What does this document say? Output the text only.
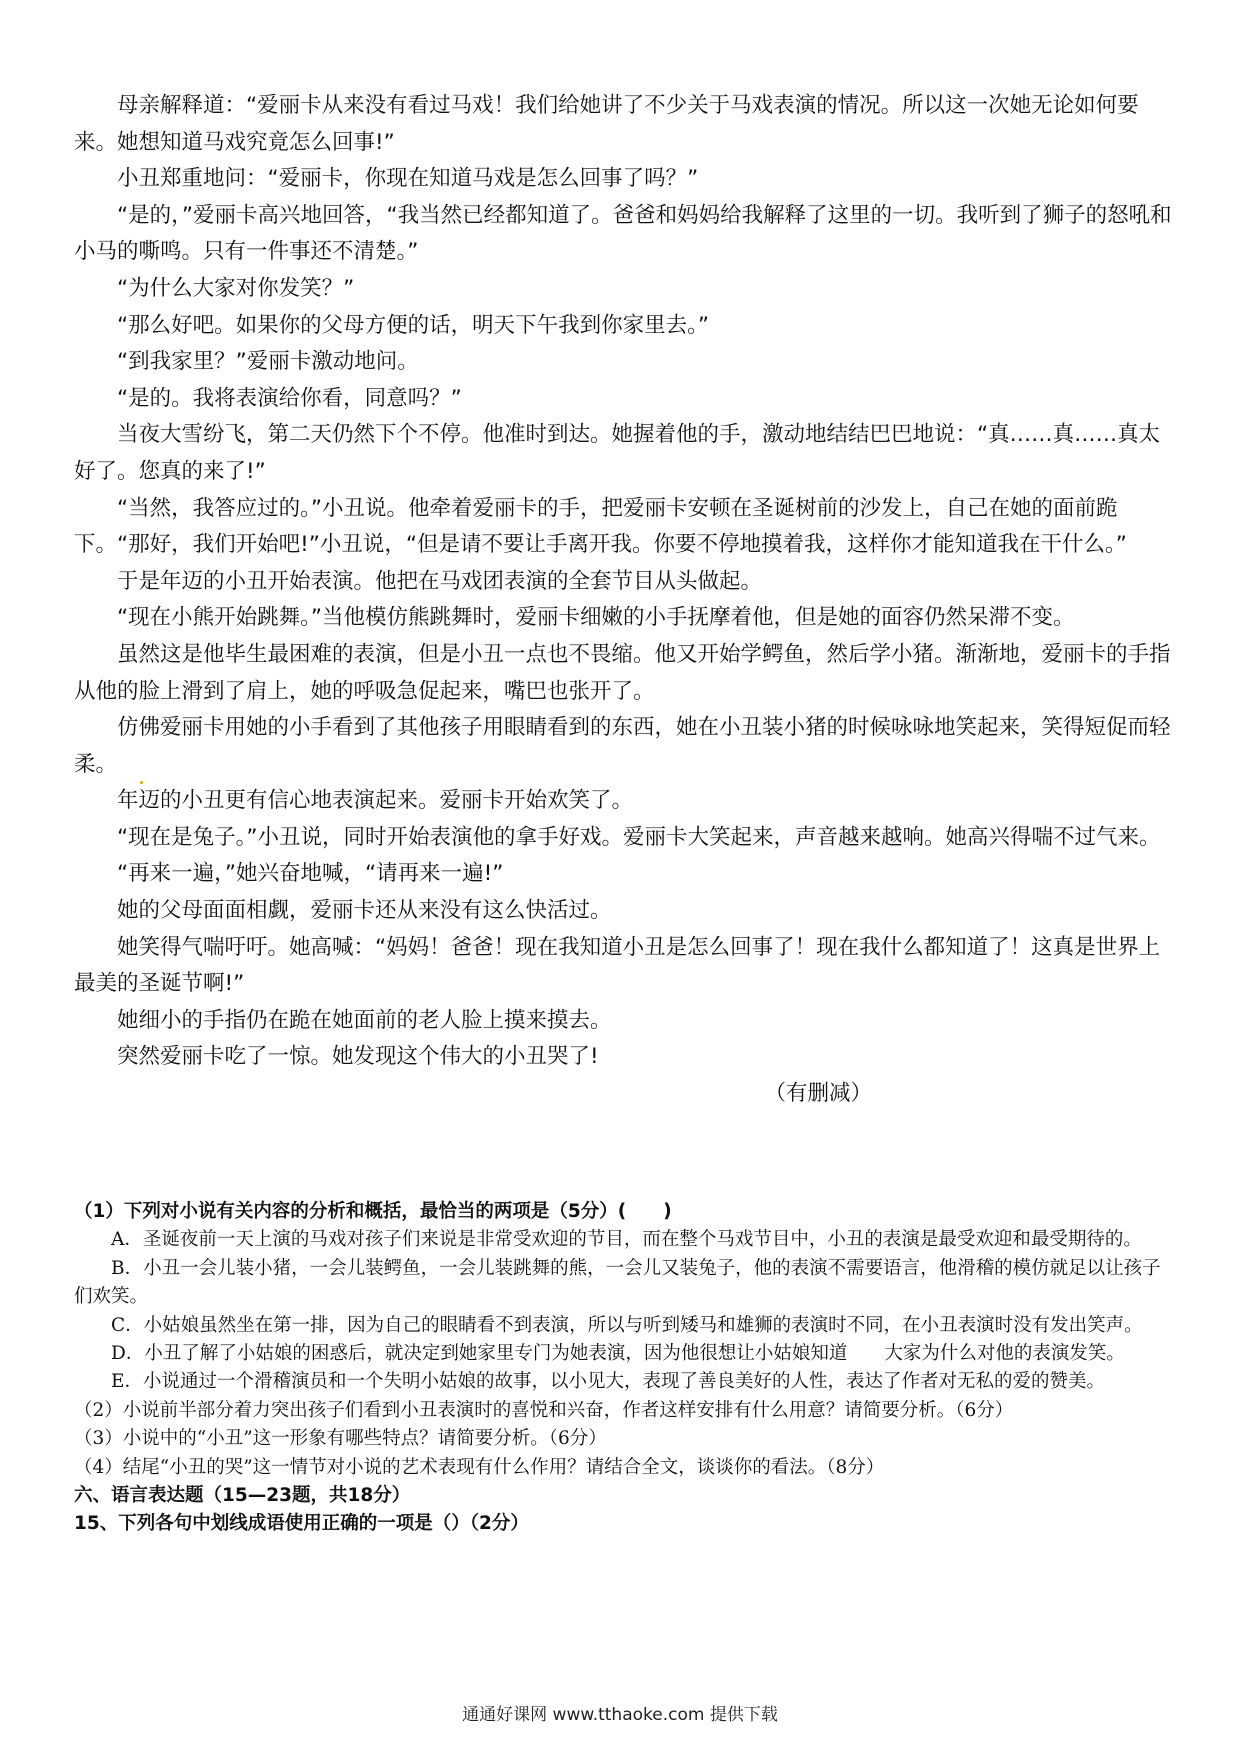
母亲解释道：“爱丽卡从来没有看过马戏！我们给她讲了不少关于马戏表演的情况。所以这一次她无论如何要来。她想知道马戏究竟怎么回事!”

小丑郑重地问：“爱丽卡，你现在知道马戏是怎么回事了吗？”

“是的，”爱丽卡高兴地回答，“我当然已经都知道了。爸爸和妈妈给我解释了这里的一切。我听到了狮子的怒吼和小马的嘶鸣。只有一件事还不清楚。”

“为什么大家对你发笑？”

“那么好吧。如果你的父母方便的话，明天下午我到你家里去。”

“到我家里？”爱丽卡激动地问。

“是的。我将表演给你看，同意吗？”

当夜大雪纷飞，第二天仍然下个不停。他准时到达。她握着他的手，激动地结结巴巴地说：“真……真……真太好了。您真的来了!”

“当然，我答应过的。”小丑说。他牵着爱丽卡的手，把爱丽卡安顿在圣诞树前的沙发上，自己在她的面前跪下。“那好，我们开始吧!”小丑说，“但是请不要让手离开我。你要不停地摸着我，这样你才能知道我在干什么。”

于是年迈的小丑开始表演。他把在马戏团表演的全套节目从头做起。

“现在小熊开始跳舞。”当他模仿熊跳舞时，爱丽卡细嫩的小手抚摩着他，但是她的面容仍然呆滞不变。

虽然这是他毕生最困难的表演，但是小丑一点也不畏缩。他又开始学鳄鱼，然后学小猪。渐渐地，爱丽卡的手指从他的脸上滑到了肩上，她的呼吸急促起来，嘴巴也张开了。

仿佛爱丽卡用她的小手看到了其他孩子用眼睛看到的东西，她在小丑装小猪的时候咏咏地笑起来，笑得短促而轻柔。

年迈的小丑更有信心地表演起来。爱丽卡开始欢笑了。

“现在是兔子。”小丑说，同时开始表演他的拿手好戏。爱丽卡大笑起来，声音越来越响。她高兴得喘不过气来。

“再来一遍，”她兴奋地喊，“请再来一遍!”

她的父母面面相觑，爱丽卡还从来没有这么快活过。

她笑得气喘吁吁。她高喊：“妈妈！爸爸！现在我知道小丑是怎么回事了！现在我什么都知道了！这真是世界上最美的圣诞节啊!”

她细小的手指仍在跪在她面前的老人脸上摸来摸去。

突然爱丽卡吃了一惊。她发现这个伟大的小丑哭了!

（有删减）

（1）下列对小说有关内容的分析和概括，最恰当的两项是（5分）(　　)

A．圣诞夜前一天上演的马戏对孩子们来说是非常受欢迎的节目，而在整个马戏节目中，小丑的表演是最受欢迎和最受期待的。

B．小丑一会儿装小猪，一会儿装鳄鱼，一会儿装跳舞的熊，一会儿又装兔子，他的表演不需要语言，他滑稽的模仿就足以让孩子们欢笑。

C．小姑娘虽然坐在第一排，因为自己的眼睛看不到表演，所以与听到矮马和雄狮的表演时不同，在小丑表演时没有发出笑声。

D．小丑了解了小姑娘的困惑后，就决定到她家里专门为她表演，因为他很想让小姑娘知道　　大家为什么对他的表演发笑。

E．小说通过一个滑稽演员和一个失明小姑娘的故事，以小见大，表现了善良美好的人性，表达了作者对无私的爱的赞美。

（2）小说前半部分着力突出孩子们看到小丑表演时的喜悦和兴奋，作者这样安排有什么用意？请简要分析。（6分）

（3）小说中的“小丑”这一形象有哪些特点？请简要分析。（6分）

（4）结尾“小丑的哭”这一情节对小说的艺术表现有什么作用？请结合全文，谈谈你的看法。（8分）

六、语言表达题（15—23题，共18分）

15、下列各句中划线成语使用正确的一项是（）（2分）

通通好课网 www.tthaoke.com 提供下载
